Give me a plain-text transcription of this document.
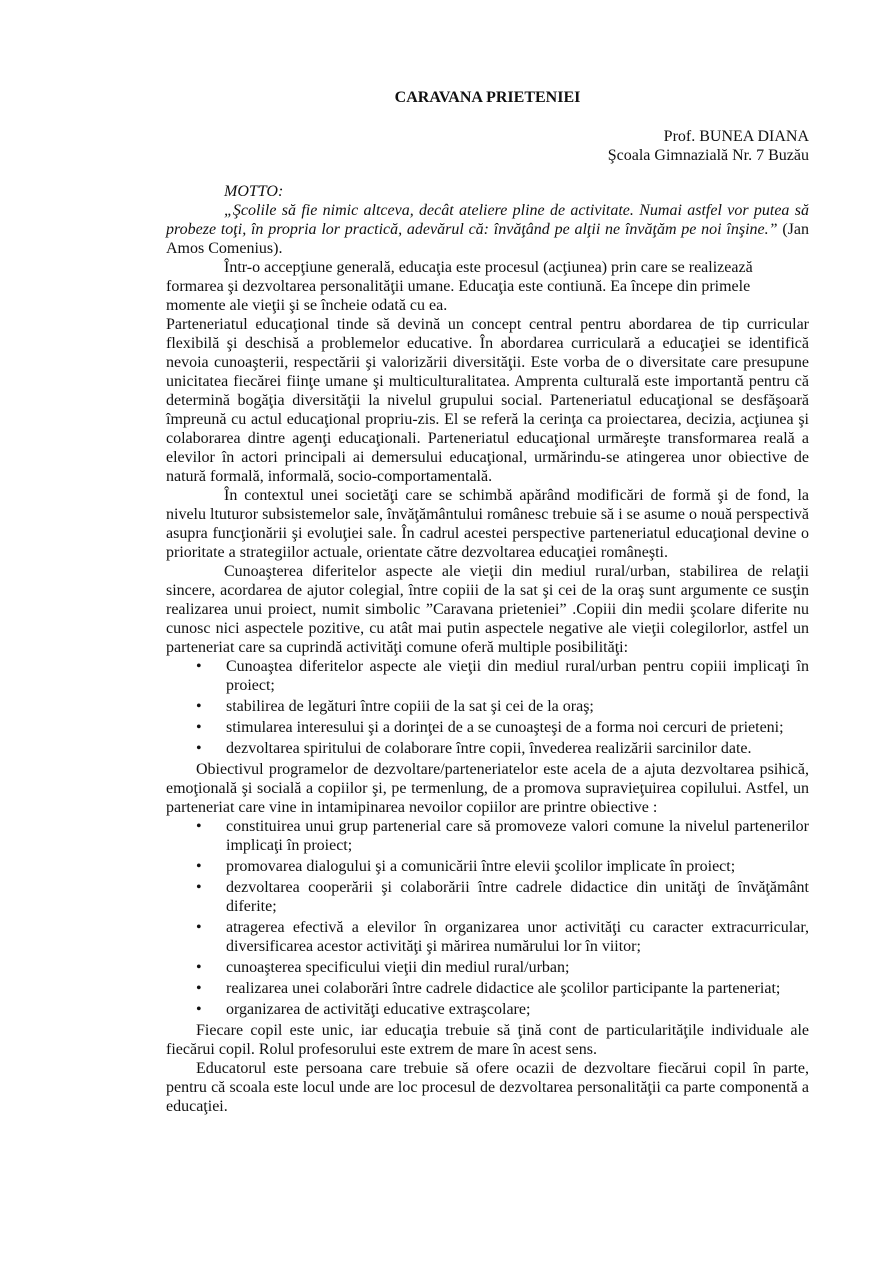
CARAVANA PRIETENIEI

Prof. BUNEA DIANA

Şcoala Gimnazială Nr. 7 Buzău

MOTTO:

„Şcolile să fie nimic altceva, decât ateliere pline de activitate. Numai astfel vor putea să probeze toţi, în propria lor practică, adevărul că: învăţând pe alţii ne învăţăm pe noi înşine.” (Jan Amos Comenius).

Într-o accepţiune generală, educaţia este procesul (acţiunea) prin care se realizează formarea şi dezvoltarea personalităţii umane. Educaţia este contiună. Ea începe din primele momente ale vieţii şi se încheie odată cu ea.

Parteneriatul educaţional tinde să devină un concept central pentru abordarea de tip curricular flexibilă şi deschisă a problemelor educative. În abordarea curriculară a educaţiei se identifică nevoia cunoaşterii, respectării şi valorizării diversităţii. Este vorba de o diversitate care presupune unicitatea fiecărei fiinţe umane şi multiculturalitatea. Amprenta culturală este importantă pentru că determină bogăţia diversităţii la nivelul grupului social. Parteneriatul educaţional se desfăşoară împreună cu actul educaţional propriu-zis. El se referă la cerinţa ca proiectarea, decizia, acţiunea şi colaborarea dintre agenţi educaţionali. Parteneriatul educaţional urmăreşte transformarea reală a elevilor în actori principali ai demersului educaţional, urmărindu-se atingerea unor obiective de natură formală, informală, socio-comportamentală.

În contextul unei societăţi care se schimbă apărând modificări de formă şi de fond, la nivelu ltuturor subsistemelor sale, învăţământului românesc trebuie să i se asume o nouă perspectivă asupra funcţionării şi evoluţiei sale. În cadrul acestei perspective parteneriatul educaţional devine o prioritate a strategiilor actuale, orientate către dezvoltarea educaţiei româneşti.

Cunoaşterea diferitelor aspecte ale vieţii din mediul rural/urban, stabilirea de relaţii sincere, acordarea de ajutor colegial, între copiii de la sat şi cei de la oraş sunt argumente ce susţin realizarea unui proiect, numit simbolic ”Caravana prieteniei” .Copiii din medii şcolare diferite nu cunosc nici aspectele pozitive, cu atât mai putin aspectele negative ale vieţii colegilorlor, astfel un parteneriat care sa cuprindă activităţi comune oferă multiple posibilităţi:

• Cunoaştea diferitelor aspecte ale vieţii din mediul rural/urban pentru copiii implicaţi în proiect;
• stabilirea de legături între copiii de la sat şi cei de la oraş;
• stimularea interesului şi a dorinţei de a se cunoaşteşi de a forma noi cercuri de prieteni;
• dezvoltarea spiritului de colaborare între copii, învederea realizării sarcinilor date.

Obiectivul programelor de dezvoltare/parteneriatelor este acela de a ajuta dezvoltarea psihică, emoţională şi socială a copiilor şi, pe termenlung, de a promova supravieţuirea copilului. Astfel, un parteneriat care vine in intamipinarea nevoilor copiilor are printre obiective :

• constituirea unui grup partenerial care să promoveze valori comune la nivelul partenerilor implicaţi în proiect;
• promovarea dialogului şi a comunicării între elevii şcolilor implicate în proiect;
• dezvoltarea cooperării şi colaborării între cadrele didactice din unităţi de învăţământ diferite;
• atragerea efectivă a elevilor în organizarea unor activităţi cu caracter extracurricular, diversificarea acestor activităţi şi mărirea numărului lor în viitor;
• cunoaşterea specificului vieţii din mediul rural/urban;
• realizarea unei colaborări între cadrele didactice ale şcolilor participante la parteneriat;
• organizarea de activităţi educative extraşcolare;

Fiecare copil este unic, iar educaţia trebuie să ţină cont de particularităţile individuale ale fiecărui copil. Rolul profesorului este extrem de mare în acest sens.

Educatorul este persoana care trebuie să ofere ocazii de dezvoltare fiecărui copil în parte, pentru că scoala este locul unde are loc procesul de dezvoltarea personalităţii ca parte componentă a educaţiei.
